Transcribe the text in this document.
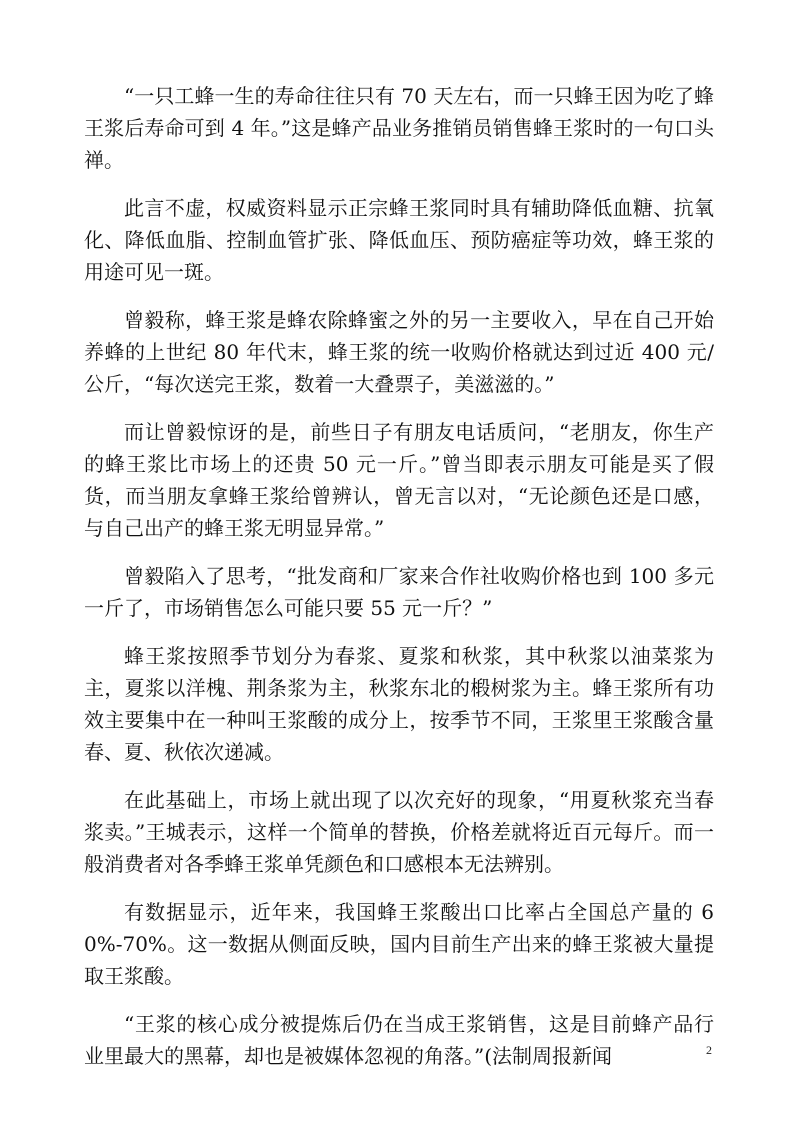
“一只工蜂一生的寿命往往只有 70 天左右，而一只蜂王因为吃了蜂王浆后寿命可到 4 年。”这是蜂产品业务推销员销售蜂王浆时的一句口头禅。

此言不虚，权威资料显示正宗蜂王浆同时具有辅助降低血糖、抗氧化、降低血脂、控制血管扩张、降低血压、预防癌症等功效，蜂王浆的用途可见一斑。

曾毅称，蜂王浆是蜂农除蜂蜜之外的另一主要收入，早在自己开始养蜂的上世纪 80 年代末，蜂王浆的统一收购价格就达到过近 400 元/公斤，“每次送完王浆，数着一大叠票子，美滋滋的。”

而让曾毅惊讶的是，前些日子有朋友电话质问，“老朋友，你生产的蜂王浆比市场上的还贵 50 元一斤。”曾当即表示朋友可能是买了假货，而当朋友拿蜂王浆给曾辨认，曾无言以对，“无论颜色还是口感，与自己出产的蜂王浆无明显异常。”

曾毅陷入了思考，“批发商和厂家来合作社收购价格也到 100 多元一斤了，市场销售怎么可能只要 55 元一斤？”

蜂王浆按照季节划分为春浆、夏浆和秋浆，其中秋浆以油菜浆为主，夏浆以洋槐、荆条浆为主，秋浆东北的椴树浆为主。蜂王浆所有功效主要集中在一种叫王浆酸的成分上，按季节不同，王浆里王浆酸含量春、夏、秋依次递减。

在此基础上，市场上就出现了以次充好的现象，“用夏秋浆充当春浆卖。”王城表示，这样一个简单的替换，价格差就将近百元每斤。而一般消费者对各季蜂王浆单凭颜色和口感根本无法辨别。

有数据显示，近年来，我国蜂王浆酸出口比率占全国总产量的 60%-70%。这一数据从侧面反映，国内目前生产出来的蜂王浆被大量提取王浆酸。

“王浆的核心成分被提炼后仍在当成王浆销售，这是目前蜂产品行业里最大的黑幕，却也是被媒体忽视的角落。”(法制周报新闻	2
